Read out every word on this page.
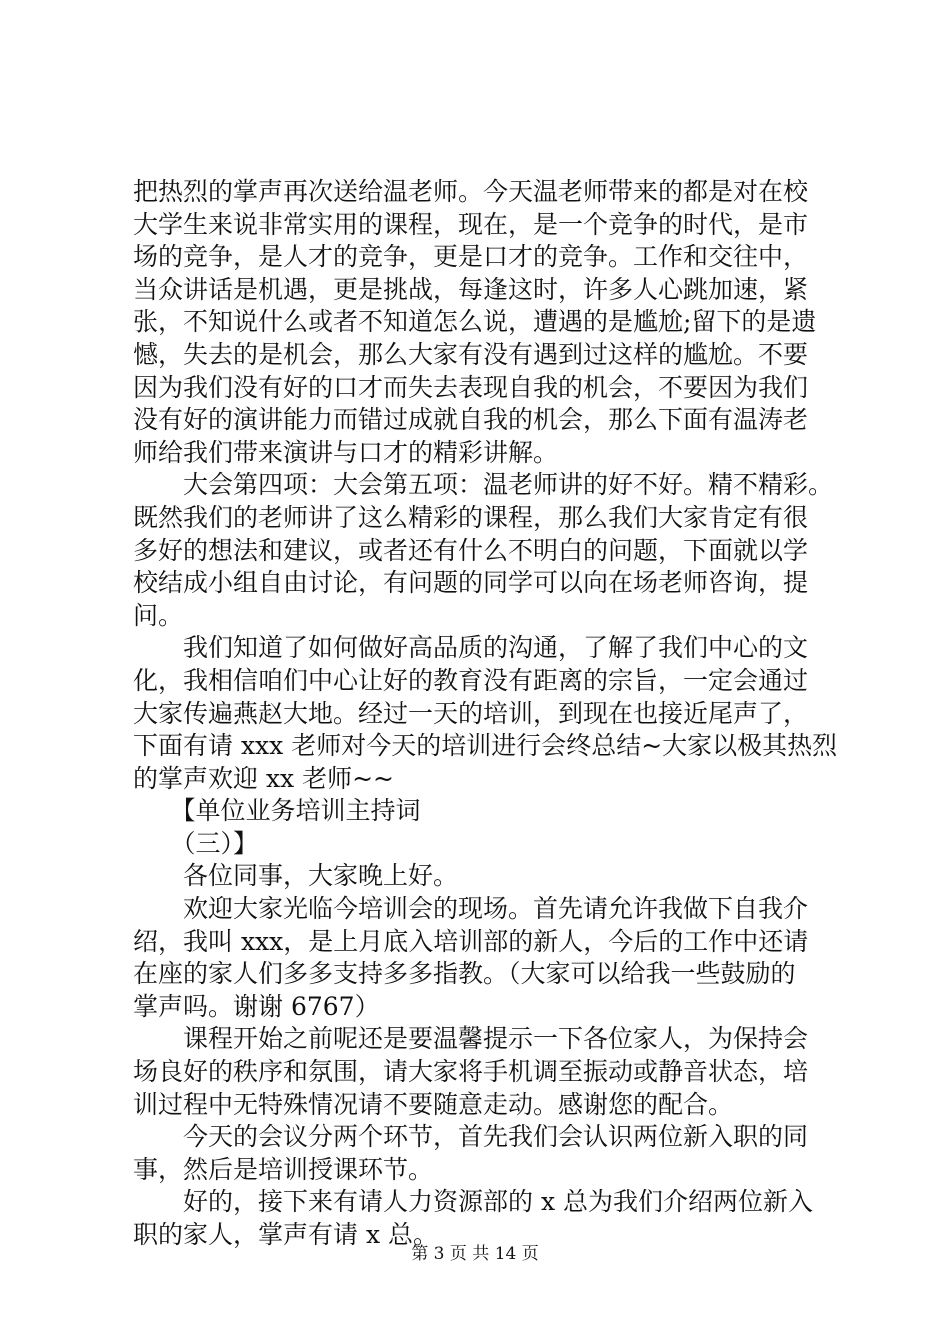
把热烈的掌声再次送给温老师。今天温老师带来的都是对在校
大学生来说非常实用的课程，现在，是一个竞争的时代，是市
场的竞争，是人才的竞争，更是口才的竞争。工作和交往中，
当众讲话是机遇，更是挑战，每逢这时，许多人心跳加速，紧
张，不知说什么或者不知道怎么说，遭遇的是尴尬;留下的是遗
憾，失去的是机会，那么大家有没有遇到过这样的尴尬。不要
因为我们没有好的口才而失去表现自我的机会，不要因为我们
没有好的演讲能力而错过成就自我的机会，那么下面有温涛老
师给我们带来演讲与口才的精彩讲解。
　　大会第四项：大会第五项：温老师讲的好不好。精不精彩。
既然我们的老师讲了这么精彩的课程，那么我们大家肯定有很
多好的想法和建议，或者还有什么不明白的问题，下面就以学
校结成小组自由讨论，有问题的同学可以向在场老师咨询，提
问。
　　我们知道了如何做好高品质的沟通，了解了我们中心的文
化，我相信咱们中心让好的教育没有距离的宗旨，一定会通过
大家传遍燕赵大地。经过一天的培训，到现在也接近尾声了，
下面有请 xxx 老师对今天的培训进行会终总结~大家以极其热烈
的掌声欢迎 xx 老师~~
　　【单位业务培训主持词
　　（三）】
　　各位同事，大家晚上好。
　　欢迎大家光临今培训会的现场。首先请允许我做下自我介
绍，我叫 xxx，是上月底入培训部的新人，今后的工作中还请
在座的家人们多多支持多多指教。（大家可以给我一些鼓励的
掌声吗。谢谢 6767）
　　课程开始之前呢还是要温馨提示一下各位家人，为保持会
场良好的秩序和氛围，请大家将手机调至振动或静音状态，培
训过程中无特殊情况请不要随意走动。感谢您的配合。
　　今天的会议分两个环节，首先我们会认识两位新入职的同
事，然后是培训授课环节。
　　好的，接下来有请人力资源部的 x 总为我们介绍两位新入
职的家人，掌声有请 x 总。
第 3 页 共 14 页
